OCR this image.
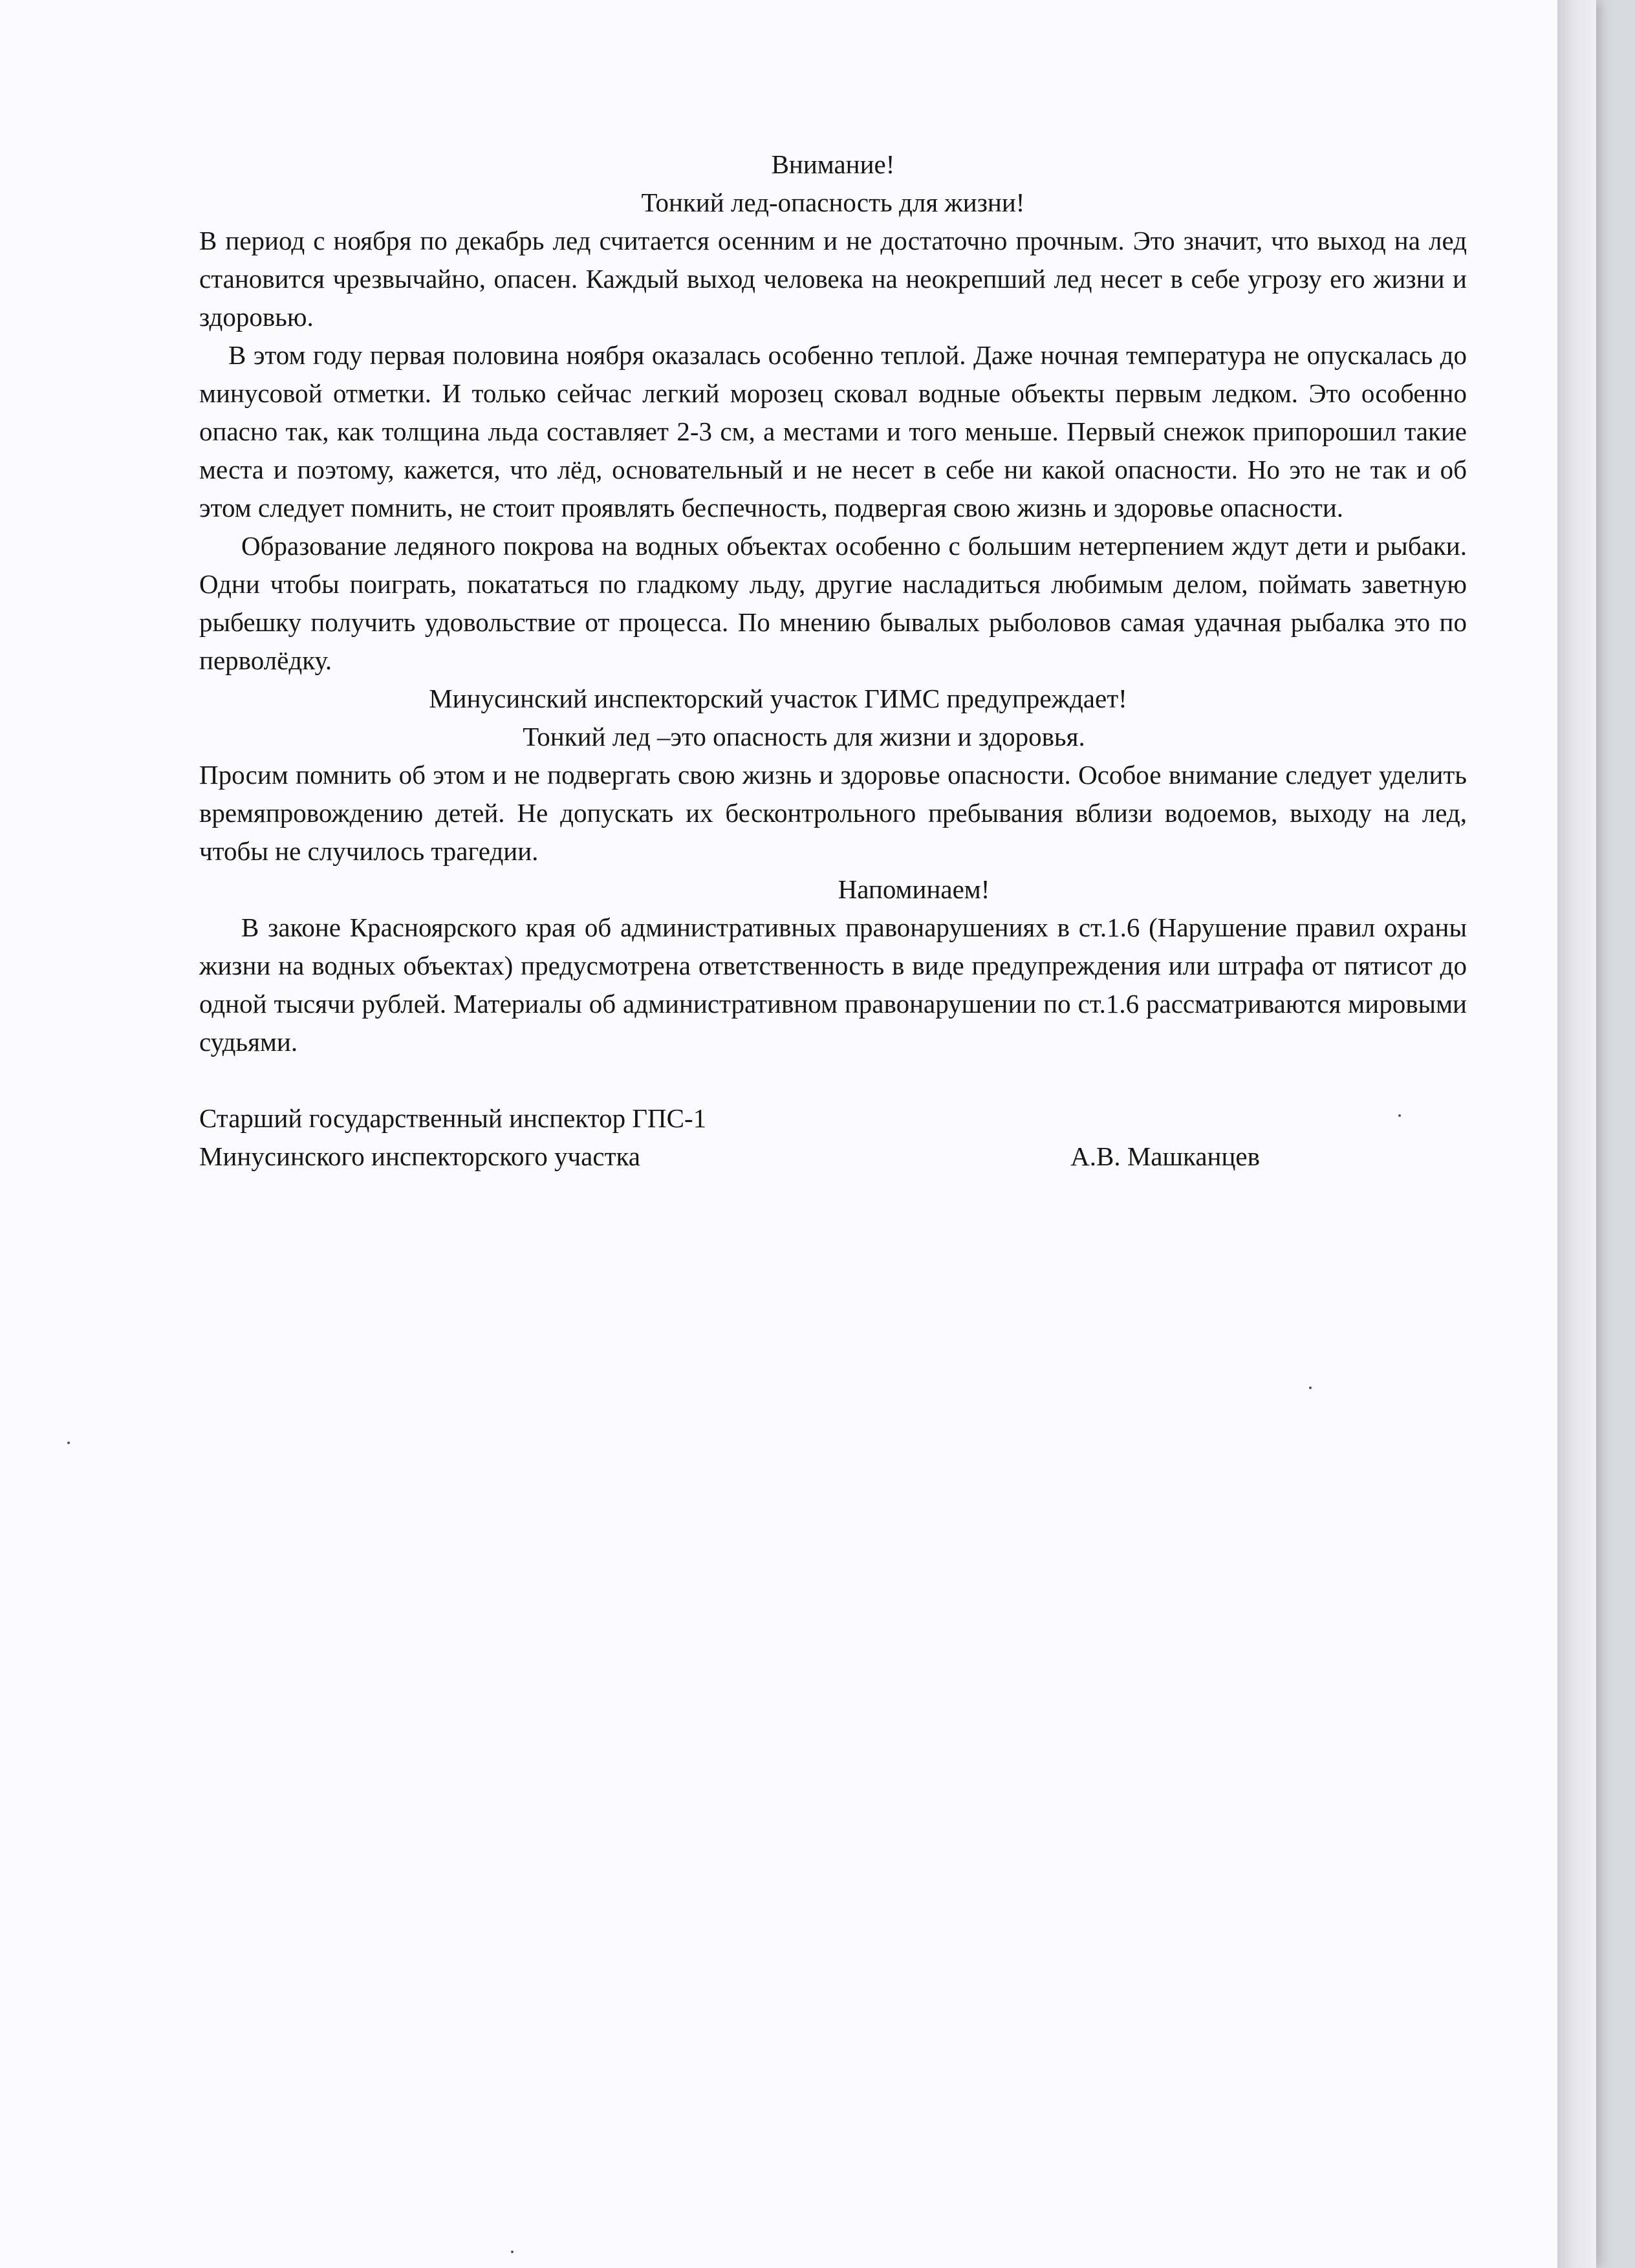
Внимание!
Тонкий лед-опасность для жизни!

В период с ноября по декабрь лед считается осенним и не достаточно прочным. Это значит, что выход на лед становится чрезвычайно, опасен. Каждый выход человека на неокрепший лед несет в себе угрозу его жизни и здоровью.

В этом году первая половина ноября оказалась особенно теплой. Даже ночная температура не опускалась до минусовой отметки. И только сейчас легкий морозец сковал водные объекты первым ледком. Это особенно опасно так, как толщина льда составляет 2-3 см, а местами и того меньше. Первый снежок припорошил такие места и поэтому, кажется, что лёд, основательный и не несет в себе ни какой опасности. Но это не так и об этом следует помнить, не стоит проявлять беспечность, подвергая свою жизнь и здоровье опасности.

Образование ледяного покрова на водных объектах особенно с большим нетерпением ждут дети и рыбаки. Одни чтобы поиграть, покататься по гладкому льду, другие насладиться любимым делом, поймать заветную рыбешку получить удовольствие от процесса. По мнению бывалых рыболовов самая удачная рыбалка это по перволёдку.

Минусинский инспекторский участок ГИМС предупреждает!
Тонкий лед –это опасность для жизни и здоровья.

Просим помнить об этом и не подвергать свою жизнь и здоровье опасности. Особое внимание следует уделить времяпровождению детей. Не допускать их бесконтрольного пребывания вблизи водоемов, выходу на лед, чтобы не случилось трагедии.

Напоминаем!

В законе Красноярского края об административных правонарушениях в ст.1.6 (Нарушение правил охраны жизни на водных объектах) предусмотрена ответственность в виде предупреждения или штрафа от пятисот до одной тысячи рублей. Материалы об административном правонарушении по ст.1.6 рассматриваются мировыми судьями.

Старший государственный инспектор ГПС-1
Минусинского инспекторского участка	А.В. Машканцев
